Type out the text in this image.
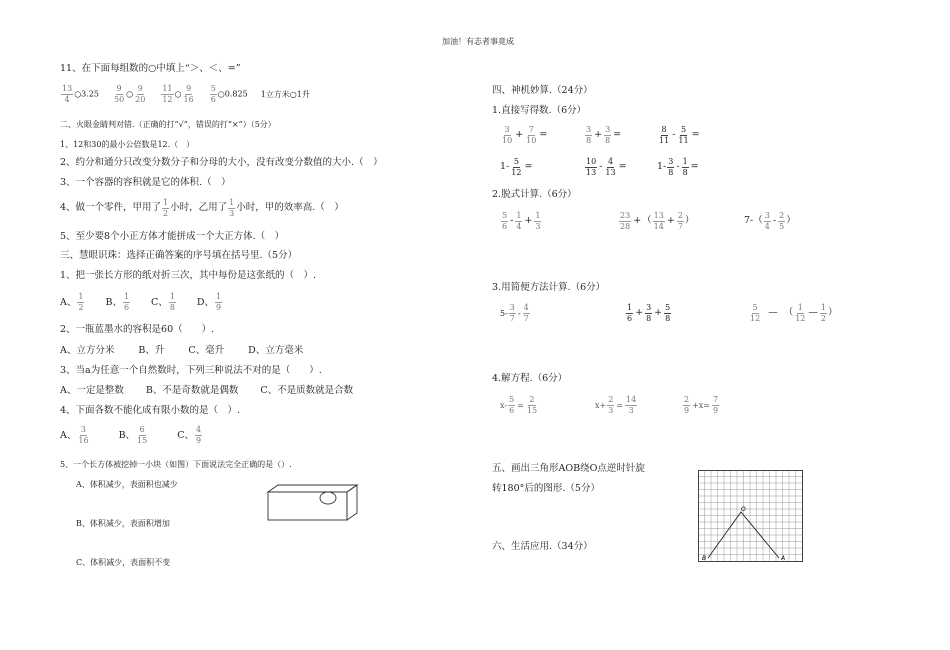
加油！有志者事竟成
11、在下面每组数的○中填上“＞、＜、=”
$\frac{13}{4}$ ○3.25 $\frac{9}{50}$ ○ $\frac{9}{20} \frac{11}{12}$ ○ $\frac{9}{16} \frac{5}{6}$ ○0.825 1立方米○1升
二、火眼金睛判对错.（正确的打“√”，错误的打“×”）（5分）
1、12和30的最小公倍数是12.（　）
2、约分和通分只改变分数分子和分母的大小，没有改变分数值的大小.（　）
3、一个容器的容积就是它的体积.（　）
4、做一个零件，甲用了 $\frac{1}{2}$ 小时，乙用了 $\frac{1}{3}$ 小时，甲的效率高.（　）
5、至少要8个小正方体才能拼成一个大正方体.（　）
三、慧眼识珠：选择正确答案的序号填在括号里.（5分）
1、把一张长方形的纸对折三次，其中每份是这张纸的（　）.
A、 $\frac{1}{2}$ B、 $\frac{1}{6}$ C、 $\frac{1}{8}$ D、 $\frac{1}{9}$
2、一瓶蓝墨水的容积是60（　　）.
A、立方分米	B、升	C、毫升	D、立方毫米
3、当a为任意一个自然数时，下列三种说法不对的是（　　）.
A、一定是整数 B、不是奇数就是偶数 C、不是质数就是合数
4、下面各数不能化成有限小数的是（　）.
A、 $\frac{3}{16}$	B、 $\frac{6}{15}$	C、 $\frac{4}{9}$
5、一个长方体被挖掉一小块（如图）下面说法完全正确的是（）.
A、体积减少，表面积也减少
B、体积减少，表面积增加
C、体积减少，表面积不变
四、神机妙算.（24分）
1.直接写得数.（6分）
$\frac{3}{10} + \frac{7}{10}$ =	$\frac{3}{8} + \frac{3}{8}$ =	$\frac{8}{11} - \frac{5}{11}$ =
$1- \frac{5}{12}$ =	$\frac{10}{13} - \frac{4}{13}$ =	$1- \frac{3}{8} - \frac{1}{8}$ =
2.脱式计算.（6分）
$\frac{5}{6} - \frac{1}{4} + \frac{1}{3}$	$\frac{23}{28}$ + （ $\frac{13}{14} + \frac{2}{7}$ ）	7- （ $\frac{3}{4} - \frac{2}{5}$ ）
3.用简便方法计算.（6分）
$5- \frac{3}{7} - \frac{4}{7}$	$\frac{1}{6} + \frac{3}{8} + \frac{5}{8}$	$\frac{5}{12}$ — （ $\frac{1}{12}$ — $\frac{1}{2}$ ）
4.解方程.（6分）
$x- \frac{5}{6} = \frac{2}{15}$	$x+ \frac{2}{3} = \frac{14}{3}$	$\frac{2}{9} +x= \frac{7}{9}$
五、画出三角形AOB绕O点逆时针旋
转180°后的图形.（5分）
六、生活应用.（34分）
O
B	A
